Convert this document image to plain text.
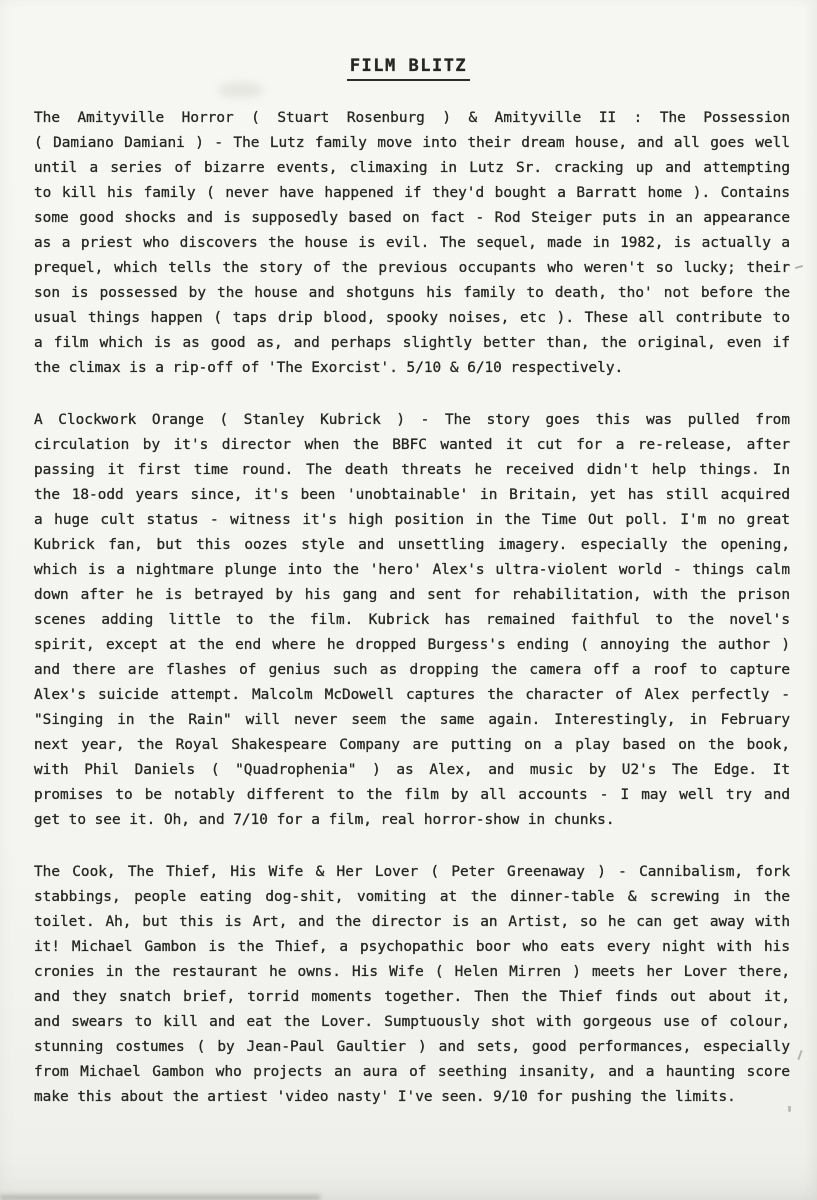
FILM BLITZ
The Amityville Horror ( Stuart Rosenburg ) & Amityville II : The Possession
( Damiano Damiani ) - The Lutz family move into their dream house, and all goes well
until a series of bizarre events, climaxing in Lutz Sr. cracking up and attempting
to kill his family ( never have happened if they'd bought a Barratt home ). Contains
some good shocks and is supposedly based on fact - Rod Steiger puts in an appearance
as a priest who discovers the house is evil. The sequel, made in 1982, is actually a
prequel, which tells the story of the previous occupants who weren't so lucky; their
son is possessed by the house and shotguns his family to death, tho' not before the
usual things happen ( taps drip blood, spooky noises, etc ). These all contribute to
a film which is as good as, and perhaps slightly better than, the original, even if
the climax is a rip-off of 'The Exorcist'. 5/10 & 6/10 respectively.
A Clockwork Orange ( Stanley Kubrick ) - The story goes this was pulled from
circulation by it's director when the BBFC wanted it cut for a re-release, after
passing it first time round. The death threats he received didn't help things. In
the 18-odd years since, it's been 'unobtainable' in Britain, yet has still acquired
a huge cult status - witness it's high position in the Time Out poll. I'm no great
Kubrick fan, but this oozes style and unsettling imagery. especially the opening,
which is a nightmare plunge into the 'hero' Alex's ultra-violent world - things calm
down after he is betrayed by his gang and sent for rehabilitation, with the prison
scenes adding little to the film. Kubrick has remained faithful to the novel's
spirit, except at the end where he dropped Burgess's ending ( annoying the author )
and there are flashes of genius such as dropping the camera off a roof to capture
Alex's suicide attempt. Malcolm McDowell captures the character of Alex perfectly -
"Singing in the Rain" will never seem the same again. Interestingly, in February
next year, the Royal Shakespeare Company are putting on a play based on the book,
with Phil Daniels ( "Quadrophenia" ) as Alex, and music by U2's The Edge. It
promises to be notably different to the film by all accounts - I may well try and
get to see it. Oh, and 7/10 for a film, real horror-show in chunks.
The Cook, The Thief, His Wife & Her Lover ( Peter Greenaway ) - Cannibalism, fork
stabbings, people eating dog-shit, vomiting at the dinner-table & screwing in the
toilet. Ah, but this is Art, and the director is an Artist, so he can get away with
it! Michael Gambon is the Thief, a psychopathic boor who eats every night with his
cronies in the restaurant he owns. His Wife ( Helen Mirren ) meets her Lover there,
and they snatch brief, torrid moments together. Then the Thief finds out about it,
and swears to kill and eat the Lover. Sumptuously shot with gorgeous use of colour,
stunning costumes ( by Jean-Paul Gaultier ) and sets, good performances, especially
from Michael Gambon who projects an aura of seething insanity, and a haunting score
make this about the artiest 'video nasty' I've seen. 9/10 for pushing the limits.
